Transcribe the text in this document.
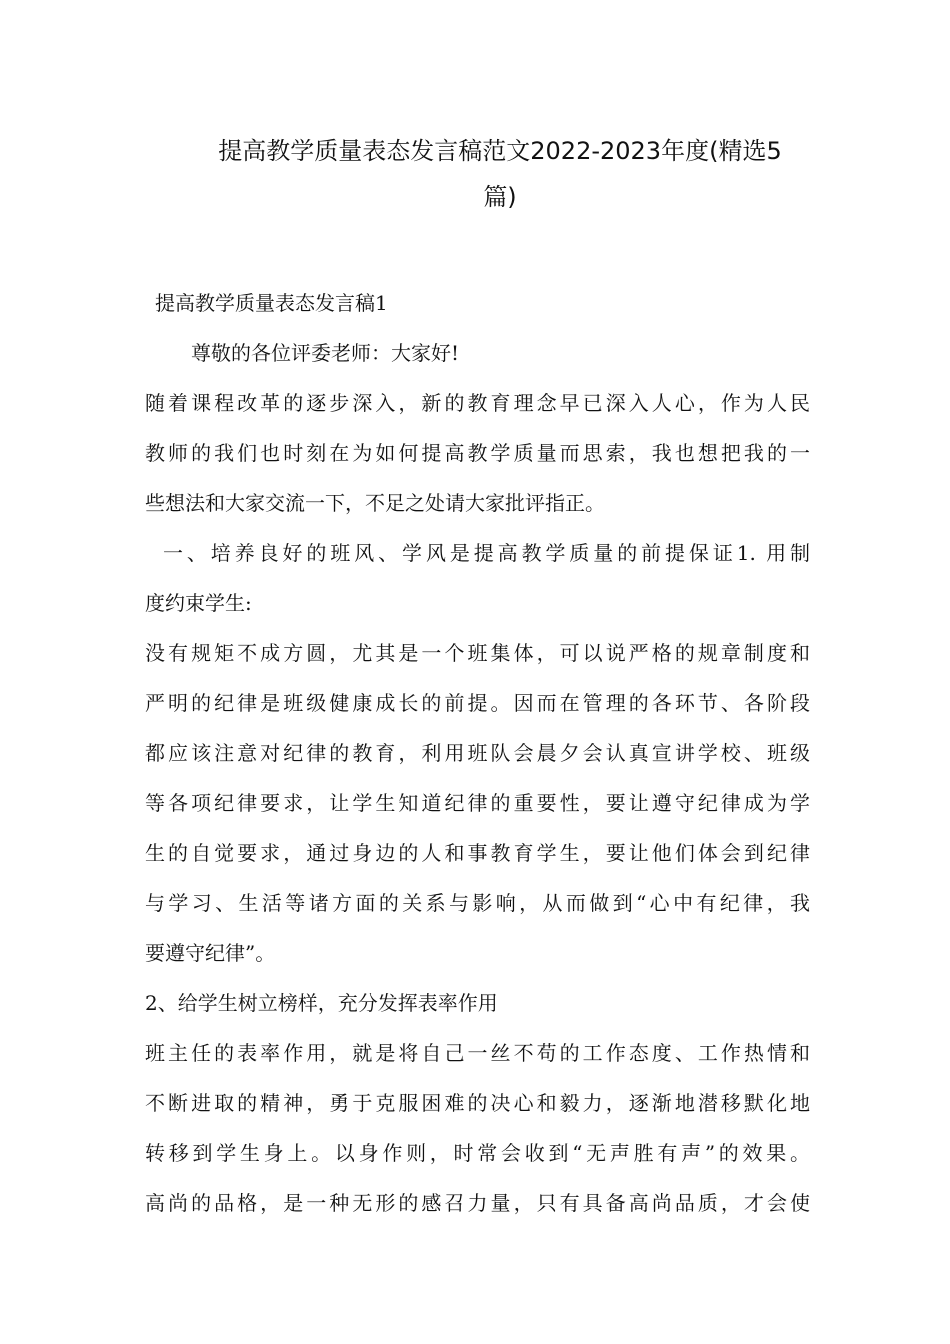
提高教学质量表态发言稿范文2022-2023年度(精选5
篇)
提高教学质量表态发言稿1
尊敬的各位评委老师：大家好!
随着课程改革的逐步深入，新的教育理念早已深入人心，作为人民
教师的我们也时刻在为如何提高教学质量而思索，我也想把我的一
些想法和大家交流一下，不足之处请大家批评指正。
一、培养良好的班风、学风是提高教学质量的前提保证1. 用制
度约束学生:
没有规矩不成方圆，尤其是一个班集体，可以说严格的规章制度和
严明的纪律是班级健康成长的前提。因而在管理的各环节、各阶段
都应该注意对纪律的教育，利用班队会晨夕会认真宣讲学校、班级
等各项纪律要求，让学生知道纪律的重要性，要让遵守纪律成为学
生的自觉要求，通过身边的人和事教育学生，要让他们体会到纪律
与学习、生活等诸方面的关系与影响，从而做到“心中有纪律，我
要遵守纪律”。
2、给学生树立榜样，充分发挥表率作用
班主任的表率作用，就是将自己一丝不苟的工作态度、工作热情和
不断进取的精神，勇于克服困难的决心和毅力，逐渐地潜移默化地
转移到学生身上。以身作则，时常会收到“无声胜有声”的效果。
高尚的品格，是一种无形的感召力量，只有具备高尚品质，才会使
